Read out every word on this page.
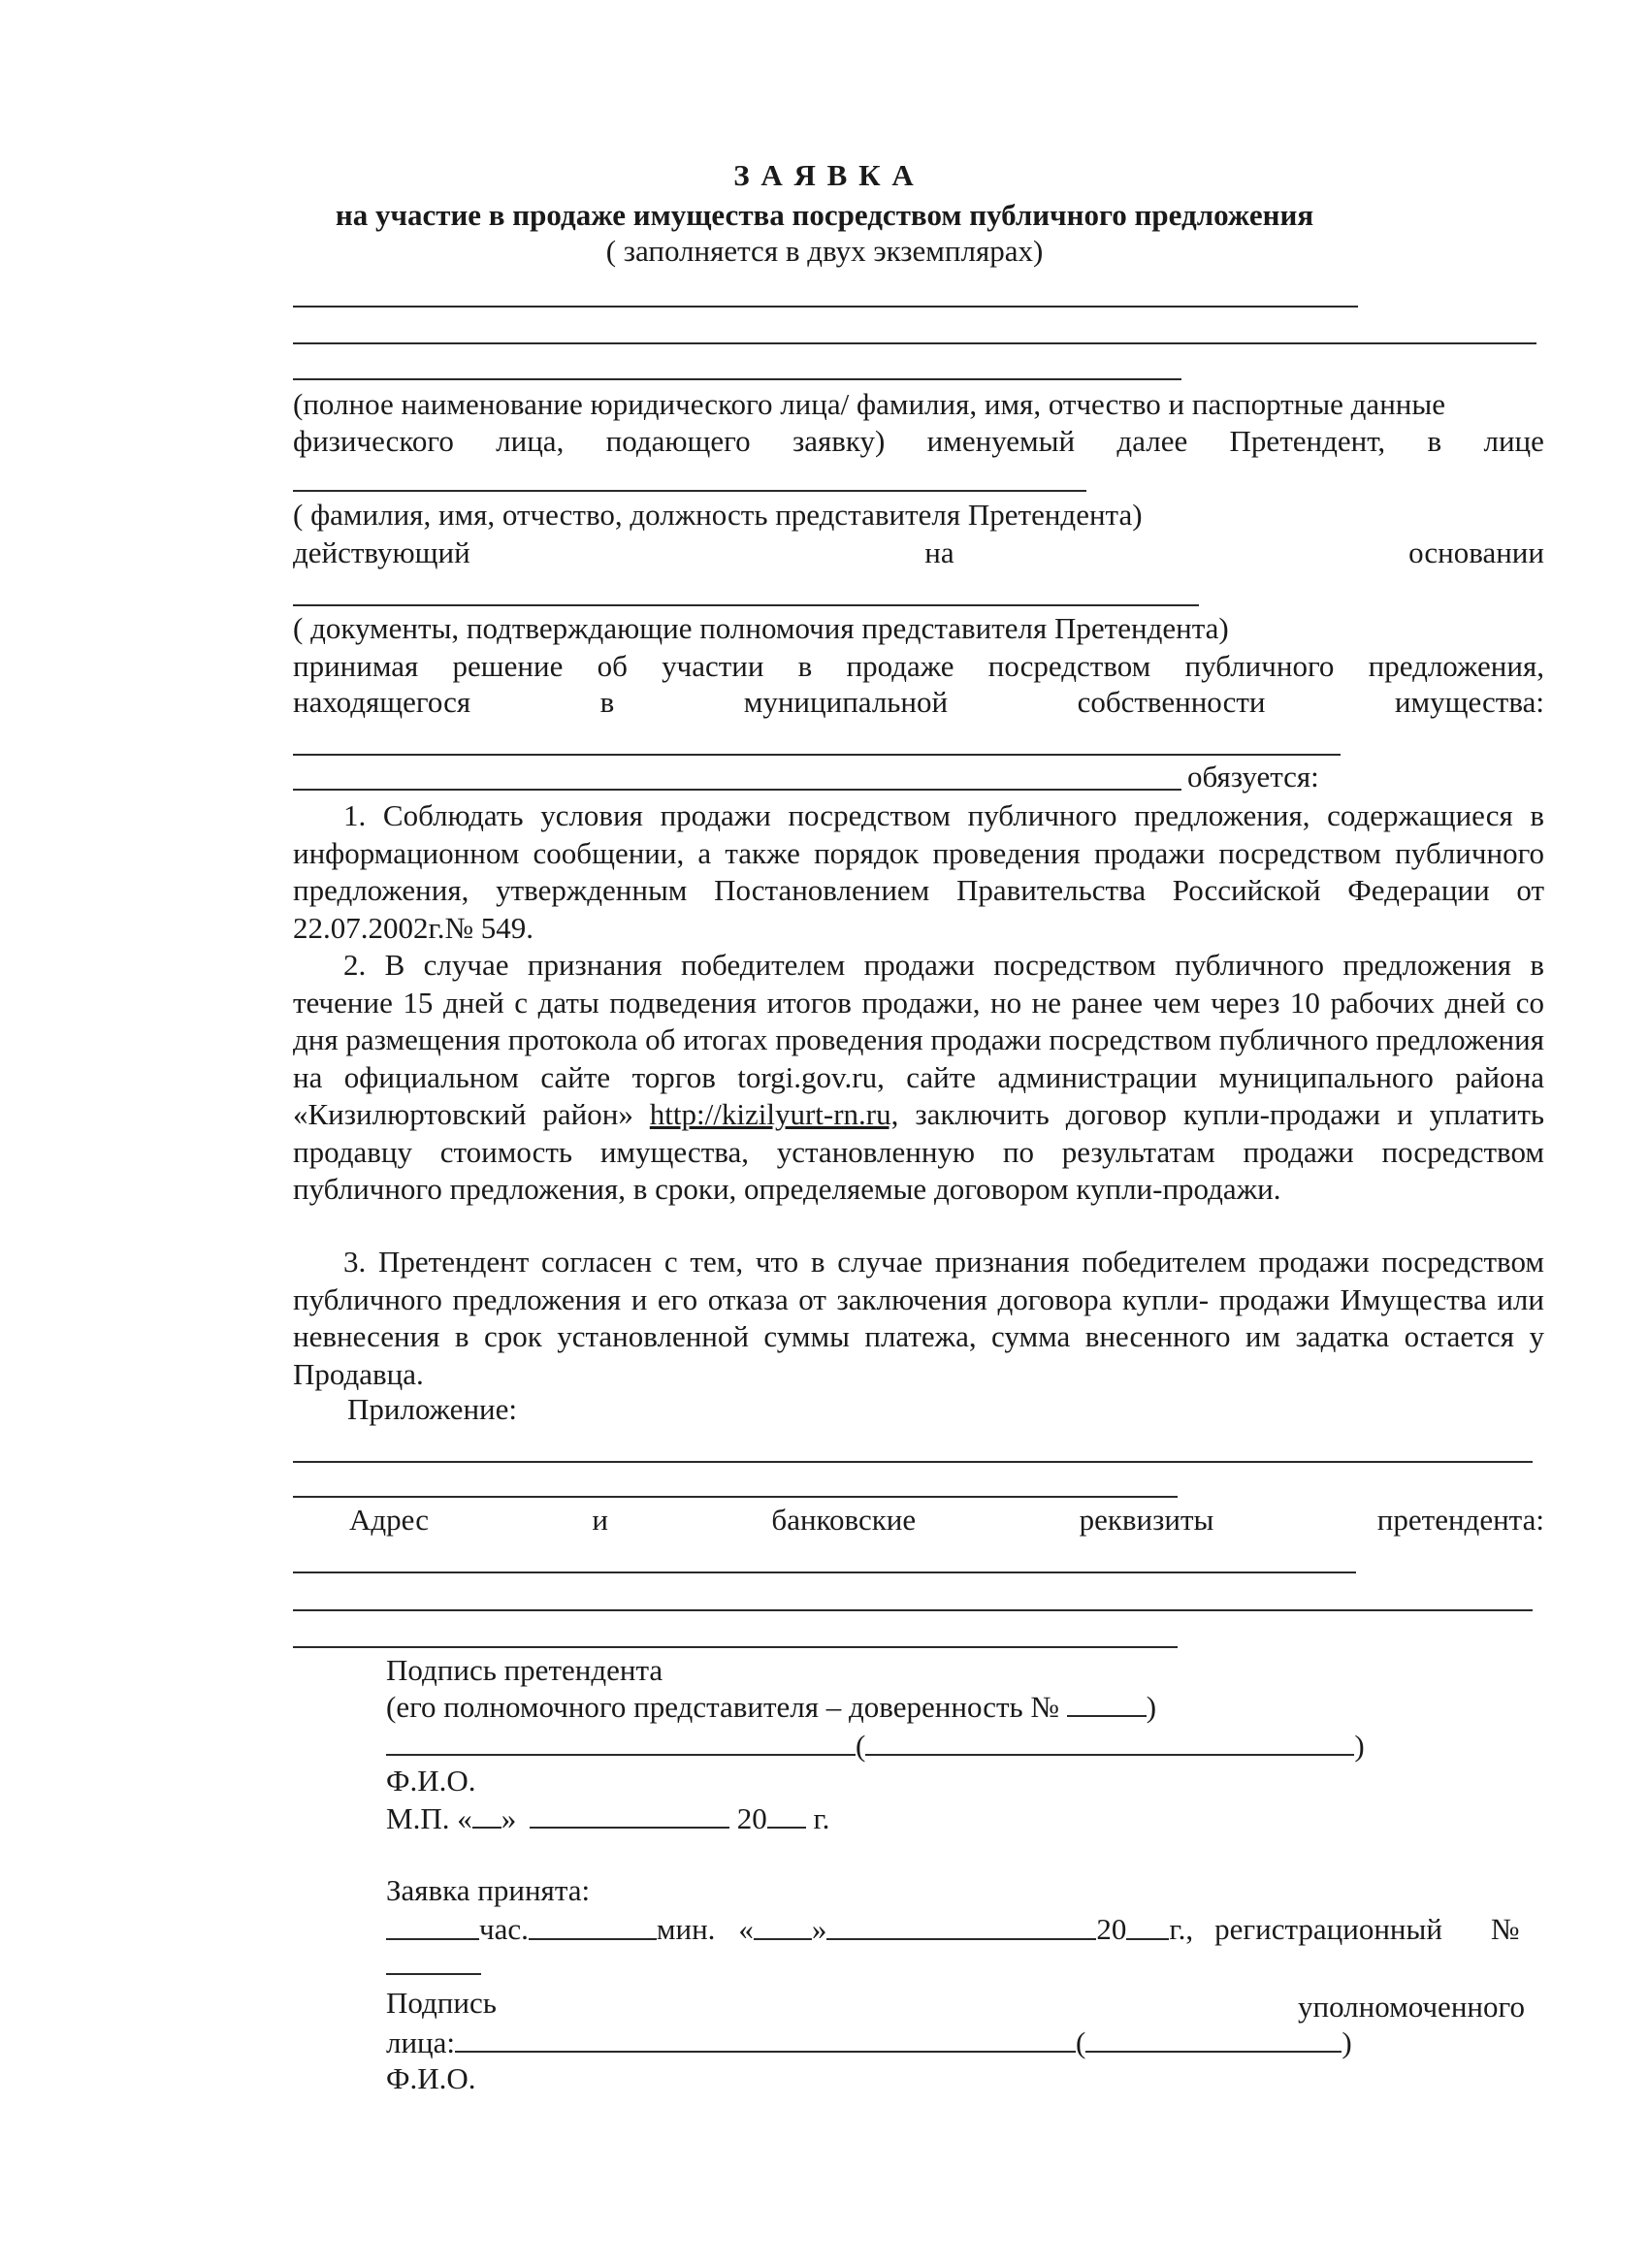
З А Я В К А
на участие в продаже имущества посредством публичного предложения
( заполняется в двух экземплярах)
(полное наименование юридического лица/ фамилия, имя, отчество и паспортные данные
физического лица, подающего заявку) именуемый далее Претендент, в лице
( фамилия, имя, отчество, должность представителя Претендента)
действующий	на	основании
( документы, подтверждающие полномочия представителя Претендента)
принимая решение об участии в продаже посредством публичного предложения,
находящегося	в	муниципальной	собственности	имущества:
обязуется:
1. Соблюдать условия продажи посредством публичного предложения, содержащиеся в информационном сообщении, а также порядок проведения продажи посредством публичного предложения, утвержденным Постановлением Правительства Российской Федерации от 22.07.2002г.№ 549.
2. В случае признания победителем продажи посредством публичного предложения в течение 15 дней с даты подведения итогов продажи, но не ранее чем через 10 рабочих дней со дня размещения протокола об итогах проведения продажи посредством публичного предложения на официальном сайте торгов torgi.gov.ru, сайте администрации муниципального района «Кизилюртовский район» http://kizilyurt-rn.ru, заключить договор купли-продажи и уплатить продавцу стоимость имущества, установленную по результатам продажи посредством публичного предложения, в сроки, определяемые договором купли-продажи.
3. Претендент согласен с тем, что в случае признания победителем продажи посредством публичного предложения и его отказа от заключения договора купли- продажи Имущества или невнесения в срок установленной суммы платежа, сумма внесенного им задатка остается у Продавца.
Приложение:
Адрес	и	банковские	реквизиты	претендента:
Подпись претендента
(его полномочного представителя – доверенность №	)
(	)
Ф.И.О.
М.П. « »	20 г.
Заявка принята:
час.	мин. « »	20 г., регистрационный №
Подпись	уполномоченного
лица:	(	)
Ф.И.О.
